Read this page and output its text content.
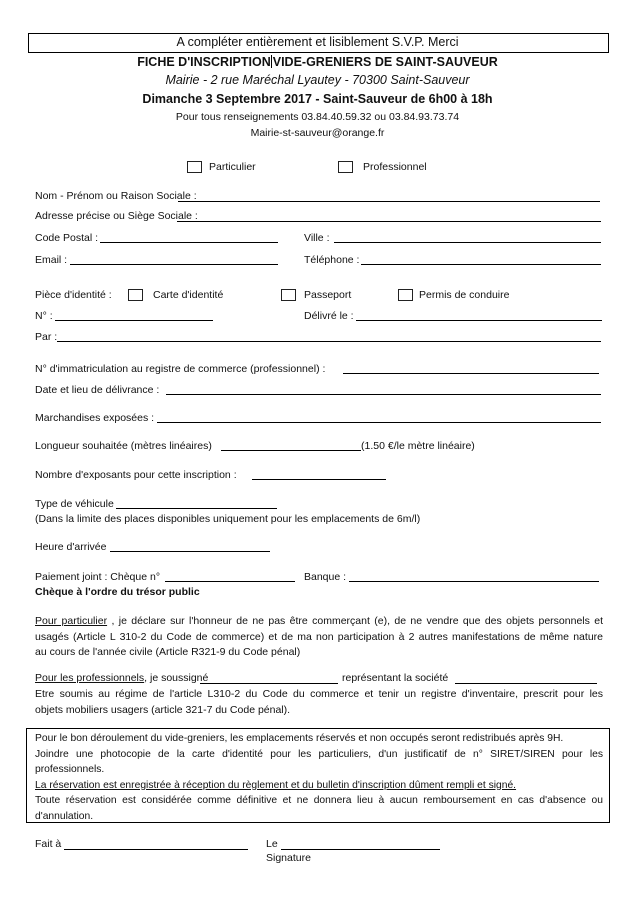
A compléter entièrement et lisiblement S.V.P. Merci
FICHE D'INSCRIPTION VIDE-GRENIERS DE SAINT-SAUVEUR
Mairie - 2 rue Maréchal Lyautey - 70300 Saint-Sauveur
Dimanche 3 Septembre 2017 - Saint-Sauveur de 6h00 à 18h
Pour tous renseignements 03.84.40.59.32 ou 03.84.93.73.74
Mairie-st-sauveur@orange.fr
Particulier	Professionnel
Nom - Prénom ou Raison Sociale :
Adresse précise ou Siège Sociale :
Code Postal :	Ville :
Email :	Téléphone :
Pièce d'identité :	Carte d'identité	Passeport	Permis de conduire
N° :	Délivré le :
Par :
N° d'immatriculation au registre de commerce (professionnel) :
Date et lieu de délivrance :
Marchandises exposées :
Longueur souhaitée (mètres linéaires)	(1.50 €/le mètre linéaire)
Nombre d'exposants pour cette inscription :
Type de véhicule
(Dans la limite des places disponibles uniquement pour les emplacements de 6m/l)
Heure d'arrivée
Paiement joint : Chèque n°	Banque :
Chèque à l'ordre du trésor public
Pour particulier , je déclare sur l'honneur de ne pas être commerçant (e), de ne vendre que des objets personnels et
usagés (Article L 310-2 du Code de commerce) et de ma non participation à 2 autres manifestations de même nature
au cours de l'année civile (Article R321-9 du Code pénal)
Pour les professionnels, je soussigné	représentant la société
Etre soumis au régime de l'article L310-2 du Code du commerce et tenir un registre d'inventaire, prescrit pour les
objets mobiliers usagers (article 321-7 du Code pénal).
Pour le bon déroulement du vide-greniers, les emplacements réservés et non occupés seront redistribués après 9H.
Joindre une photocopie de la carte d'identité pour les particuliers, d'un justificatif de n° SIRET/SIREN pour les
professionnels.
La réservation est enregistrée à réception du règlement et du bulletin d'inscription dûment rempli et signé.
Toute réservation est considérée comme définitive et ne donnera lieu à aucun remboursement en cas d'absence ou
d'annulation.
Fait à	Le
Signature
